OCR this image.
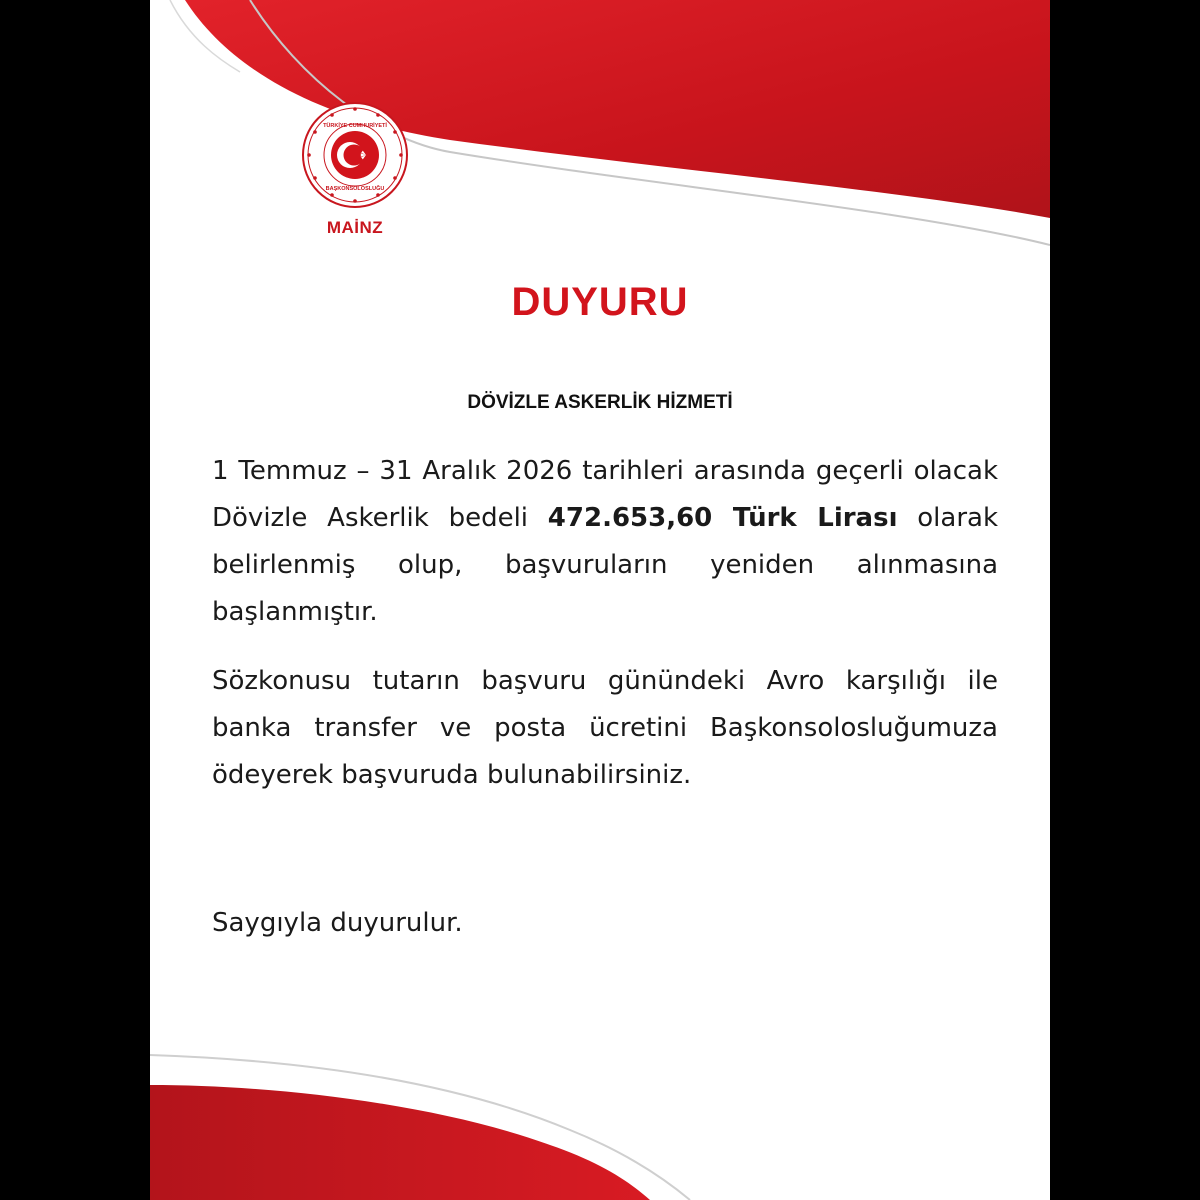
TÜRKİYE CUMHURİYETİ
BAŞKONSOLOSLUĞU
MAİNZ
DUYURU
DÖVİZLE ASKERLİK HİZMETİ

1 Temmuz – 31 Aralık 2026 tarihleri arasında geçerli olacak Dövizle Askerlik bedeli 472.653,60 Türk Lirası olarak belirlenmiş olup, başvuruların yeniden alınmasına başlanmıştır.

Sözkonusu tutarın başvuru günündeki Avro karşılığı ile banka transfer ve posta ücretini Başkonsolosluğumuza ödeyerek başvuruda bulunabilirsiniz.

Saygıyla duyurulur.
